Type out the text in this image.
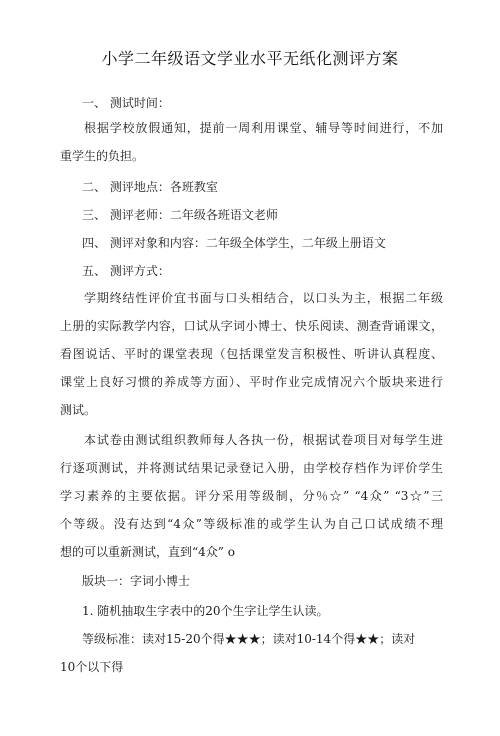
小学二年级语文学业水平无纸化测评方案
一、 测试时间：
根据学校放假通知，提前一周利用课堂、辅导等时间进行，不加
重学生的负担。
二、 测评地点：各班教室
三、 测评老师：二年级各班语文老师
四、 测评对象和内容：二年级全体学生，二年级上册语文
五、 测评方式：
学期终结性评价宜书面与口头相结合，以口头为主，根据二年级
上册的实际教学内容，口试从字词小博士、快乐阅读、测查背诵课文，
看图说话、平时的课堂表现（包括课堂发言积极性、听讲认真程度、
课堂上良好习惯的养成等方面）、平时作业完成情况六个版块来进行
测试。
本试卷由测试组织教师每人各执一份，根据试卷项目对每学生进
行逐项测试，并将测试结果记录登记入册，由学校存档作为评价学生
学习素养的主要依据。评分采用等级制，分％☆” “4众” “3☆”三
个等级。没有达到“4众”等级标准的或学生认为自己口试成绩不理
想的可以重新测试，直到“4众” o
版块一：字词小博士
1. 随机抽取生字表中的20个生字让学生认读。
等级标准：读对15-20个得★★★；读对10-14个得★★；读对
10个以下得
